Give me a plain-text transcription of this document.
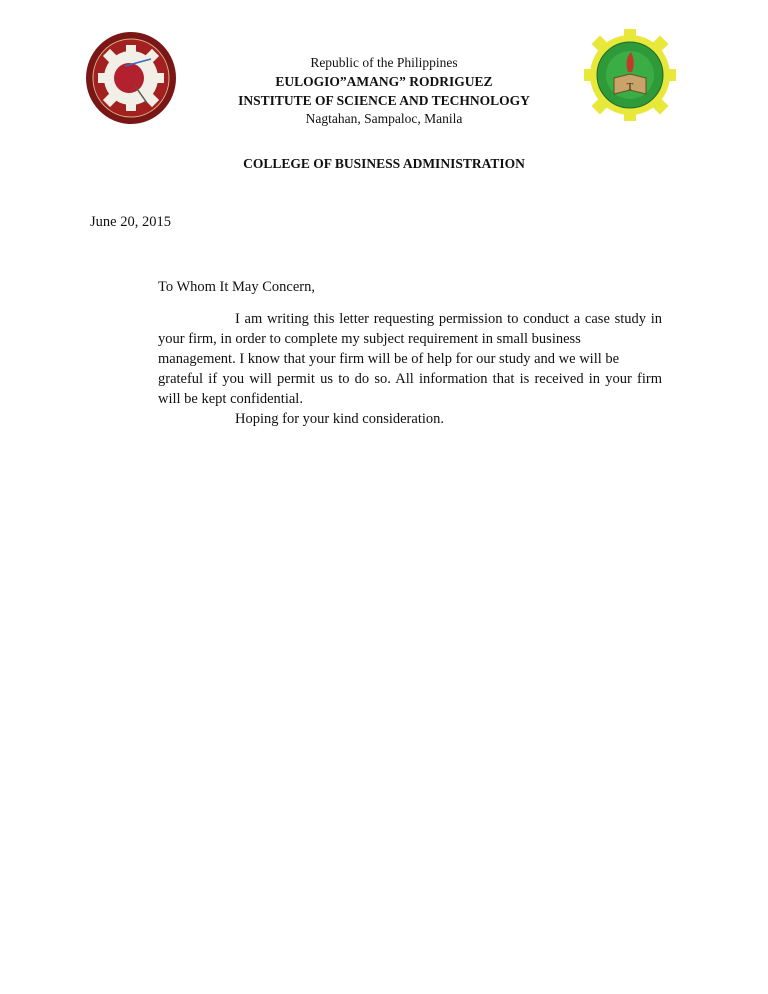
T
Republic of the Philippines
EULOGIO”AMANG” RODRIGUEZ
INSTITUTE OF SCIENCE AND TECHNOLOGY
Nagtahan, Sampaloc, Manila
COLLEGE OF BUSINESS ADMINISTRATION
June 20, 2015
To Whom It May Concern,
I am writing this letter requesting permission to conduct a case study in
your firm, in order to complete my subject requirement in small business
management. I know that your firm will be of help for our study and we will be
grateful if you will permit us to do so. All information that is received in your firm
will be kept confidential.
Hoping for your kind consideration.
